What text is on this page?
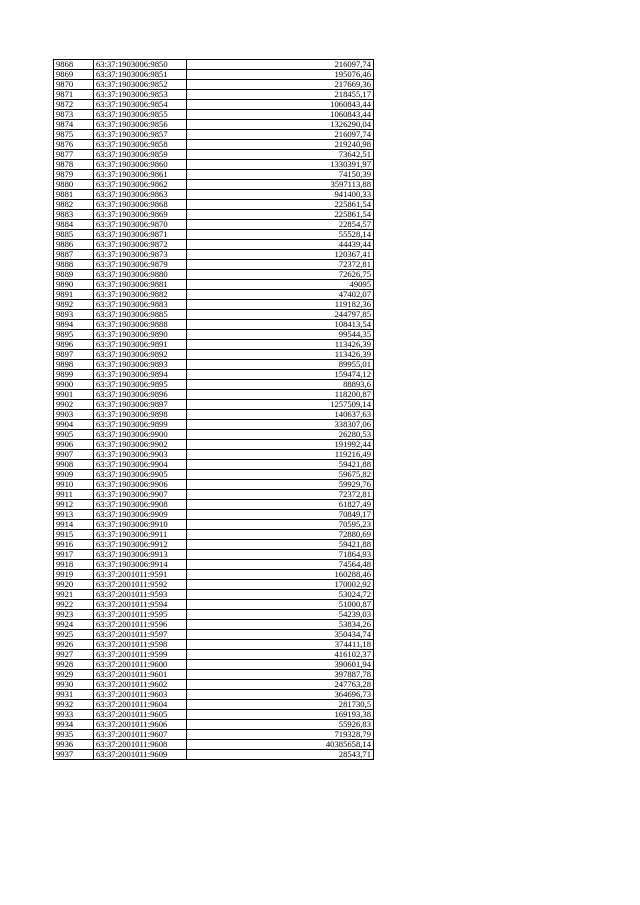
9868	63:37:1903006:9850	216097,74
9869	63:37:1903006:9851	195076,46
9870	63:37:1903006:9852	217669,36
9871	63:37:1903006:9853	218455,17
9872	63:37:1903006:9854	1060843,44
9873	63:37:1903006:9855	1060843,44
9874	63:37:1903006:9856	1326290,04
9875	63:37:1903006:9857	216097,74
9876	63:37:1903006:9858	219240,98
9877	63:37:1903006:9859	73642,51
9878	63:37:1903006:9860	1330391,97
9879	63:37:1903006:9861	74150,39
9880	63:37:1903006:9862	3597113,88
9881	63:37:1903006:9863	941400,33
9882	63:37:1903006:9868	225861,54
9883	63:37:1903006:9869	225861,54
9884	63:37:1903006:9870	22854,57
9885	63:37:1903006:9871	55528,14
9886	63:37:1903006:9872	44439,44
9887	63:37:1903006:9873	120367,41
9888	63:37:1903006:9879	72372,81
9889	63:37:1903006:9880	72626,75
9890	63:37:1903006:9881	49095
9891	63:37:1903006:9882	47402,07
9892	63:37:1903006:9883	119182,36
9893	63:37:1903006:9885	244797,85
9894	63:37:1903006:9888	108413,54
9895	63:37:1903006:9890	99544,35
9896	63:37:1903006:9891	113426,39
9897	63:37:1903006:9892	113426,39
9898	63:37:1903006:9893	89955,01
9899	63:37:1903006:9894	159474,12
9900	63:37:1903006:9895	88893,6
9901	63:37:1903006:9896	118200,87
9902	63:37:1903006:9897	1257509,14
9903	63:37:1903006:9898	140637,63
9904	63:37:1903006:9899	338307,06
9905	63:37:1903006:9900	26280,53
9906	63:37:1903006:9902	191992,44
9907	63:37:1903006:9903	119216,49
9908	63:37:1903006:9904	59421,88
9909	63:37:1903006:9905	59675,82
9910	63:37:1903006:9906	59929,76
9911	63:37:1903006:9907	72372,81
9912	63:37:1903006:9908	61827,49
9913	63:37:1903006:9909	70849,17
9914	63:37:1903006:9910	70595,23
9915	63:37:1903006:9911	72880,69
9916	63:37:1903006:9912	59421,88
9917	63:37:1903006:9913	71864,93
9918	63:37:1903006:9914	74564,48
9919	63:37:2001011:9591	160288,46
9920	63:37:2001011:9592	170002,92
9921	63:37:2001011:9593	53024,72
9922	63:37:2001011:9594	51000,87
9923	63:37:2001011:9595	54239,03
9924	63:37:2001011:9596	53834,26
9925	63:37:2001011:9597	350434,74
9926	63:37:2001011:9598	374411,18
9927	63:37:2001011:9599	416102,37
9928	63:37:2001011:9600	390601,94
9929	63:37:2001011:9601	397887,78
9930	63:37:2001011:9602	247763,28
9931	63:37:2001011:9603	364696,73
9932	63:37:2001011:9604	281730,5
9933	63:37:2001011:9605	169193,38
9934	63:37:2001011:9606	55926,83
9935	63:37:2001011:9607	719328,79
9936	63:37:2001011:9608	40385658,14
9937	63:37:2001011:9609	28543,71
